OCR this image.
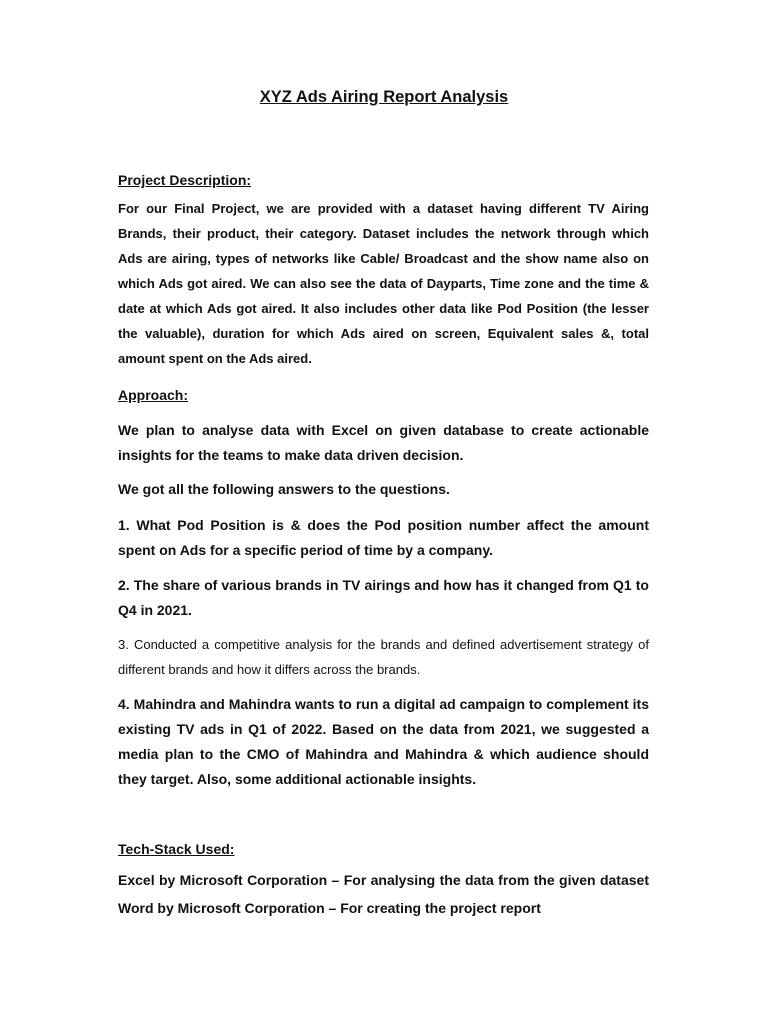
XYZ Ads Airing Report Analysis
Project Description:

For our Final Project, we are provided with a dataset having different TV Airing Brands, their product, their category. Dataset includes the network through which Ads are airing, types of networks like Cable/ Broadcast and the show name also on which Ads got aired. We can also see the data of Dayparts, Time zone and the time & date at which Ads got aired. It also includes other data like Pod Position (the lesser the valuable), duration for which Ads aired on screen, Equivalent sales &, total amount spent on the Ads aired.

Approach:

We plan to analyse data with Excel on given database to create actionable insights for the teams to make data driven decision.

We got all the following answers to the questions.

1. What Pod Position is & does the Pod position number affect the amount spent on Ads for a specific period of time by a company.

2. The share of various brands in TV airings and how has it changed from Q1 to Q4 in 2021.

3. Conducted a competitive analysis for the brands and defined advertisement strategy of different brands and how it differs across the brands.

4. Mahindra and Mahindra wants to run a digital ad campaign to complement its existing TV ads in Q1 of 2022. Based on the data from 2021, we suggested a media plan to the CMO of Mahindra and Mahindra & which audience should they target. Also, some additional actionable insights.

Tech-Stack Used:

Excel by Microsoft Corporation – For analysing the data from the given dataset Word by Microsoft Corporation – For creating the project report
